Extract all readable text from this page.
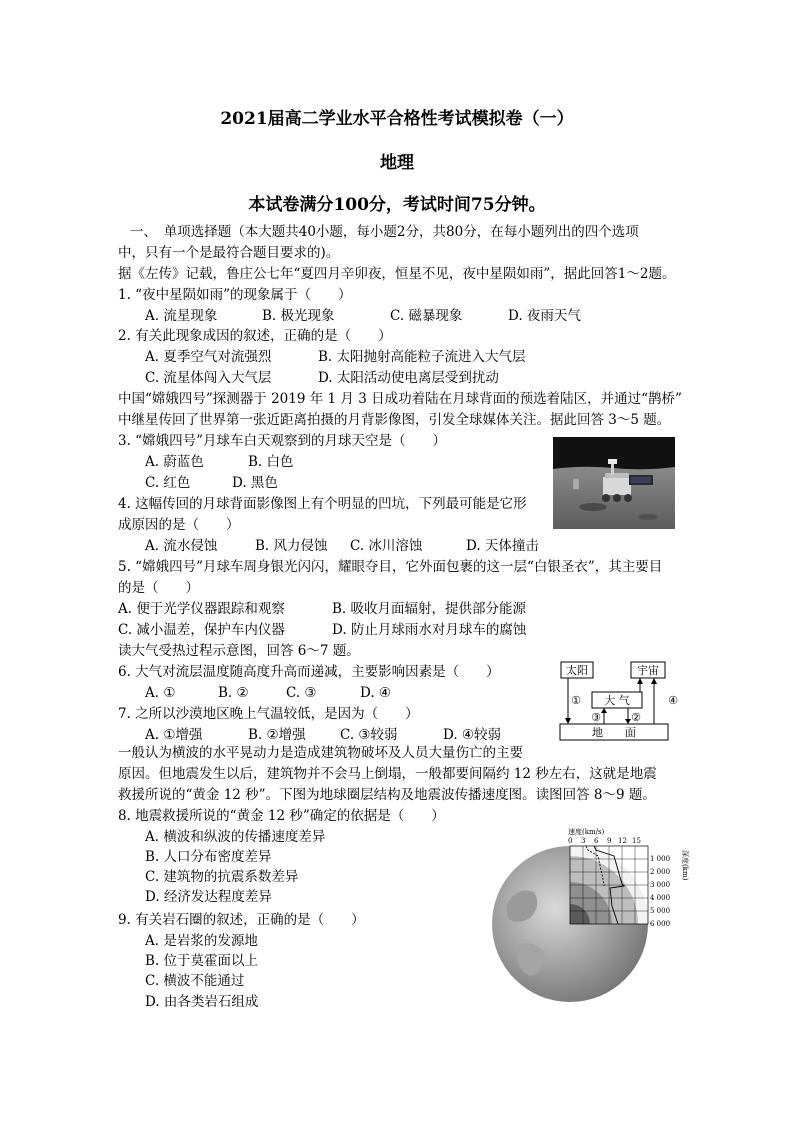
2021届高二学业水平合格性考试模拟卷（一）
地理
本试卷满分100分，考试时间75分钟。
一、　单项选择题（本大题共40小题，每小题2分，共80分，在每小题列出的四个选项
中，只有一个是最符合题目要求的)。
据《左传》记载，鲁庄公七年“夏四月辛卯夜，恒星不见，夜中星陨如雨”，据此回答1～2题。
1. “夜中星陨如雨”的现象属于（　　）
A. 流星现象	B. 极光现象	C. 磁暴现象	D. 夜雨天气
2. 有关此现象成因的叙述，正确的是（　　）
A. 夏季空气对流强烈	B. 太阳抛射高能粒子流进入大气层
C. 流星体闯入大气层	D. 太阳活动使电离层受到扰动
中国“嫦娥四号”探测器于 2019 年 1 月 3 日成功着陆在月球背面的预选着陆区，并通过“鹊桥”
中继星传回了世界第一张近距离拍摄的月背影像图，引发全球媒体关注。据此回答 3～5 题。
3. “嫦娥四号”月球车白天观察到的月球天空是（　　）
A. 蔚蓝色	B. 白色
C. 红色	D. 黑色
4. 这幅传回的月球背面影像图上有个明显的凹坑，下列最可能是它形
成原因的是（　　）
A. 流水侵蚀	B. 风力侵蚀 C. 冰川溶蚀	D. 天体撞击
5. “嫦娥四号”月球车周身银光闪闪，耀眼夺目，它外面包裹的这一层“白银圣衣”，其主要目
的是（　　）
A. 便于光学仪器跟踪和观察	B. 吸收月面辐射，提供部分能源
C. 减小温差，保护车内仪器	D. 防止月球雨水对月球车的腐蚀
读大气受热过程示意图，回答 6～7 题。
6. 大气对流层温度随高度升高而递减，主要影响因素是（　　）
A. ①	B. ②	C. ③	D. ④
7. 之所以沙漠地区晚上气温较低，是因为（　　）
A. ①增强	B. ②增强	C. ③较弱	D. ④较弱
太阳	宇宙
大 气
地　　面
①	④
③	②
一般认为横波的水平晃动力是造成建筑物破坏及人员大量伤亡的主要
原因。但地震发生以后，建筑物并不会马上倒塌，一般都要间隔约 12 秒左右，这就是地震
救援所说的“黄金 12 秒”。下图为地球圈层结构及地震波传播速度图。读图回答 8～9 题。
8. 地震救援所说的“黄金 12 秒”确定的依据是（　　）
A. 横波和纵波的传播速度差异
B. 人口分布密度差异
C. 建筑物的抗震系数差异
D. 经济发达程度差异
9. 有关岩石圈的叙述，正确的是（　　）
A. 是岩浆的发源地
B. 位于莫霍面以上
C. 横波不能通过
D. 由各类岩石组成
速度(km/s)
0 3 6 9 12 15
1 000
2 000
3 000
4 000
5 000
6 000
深度(km)
